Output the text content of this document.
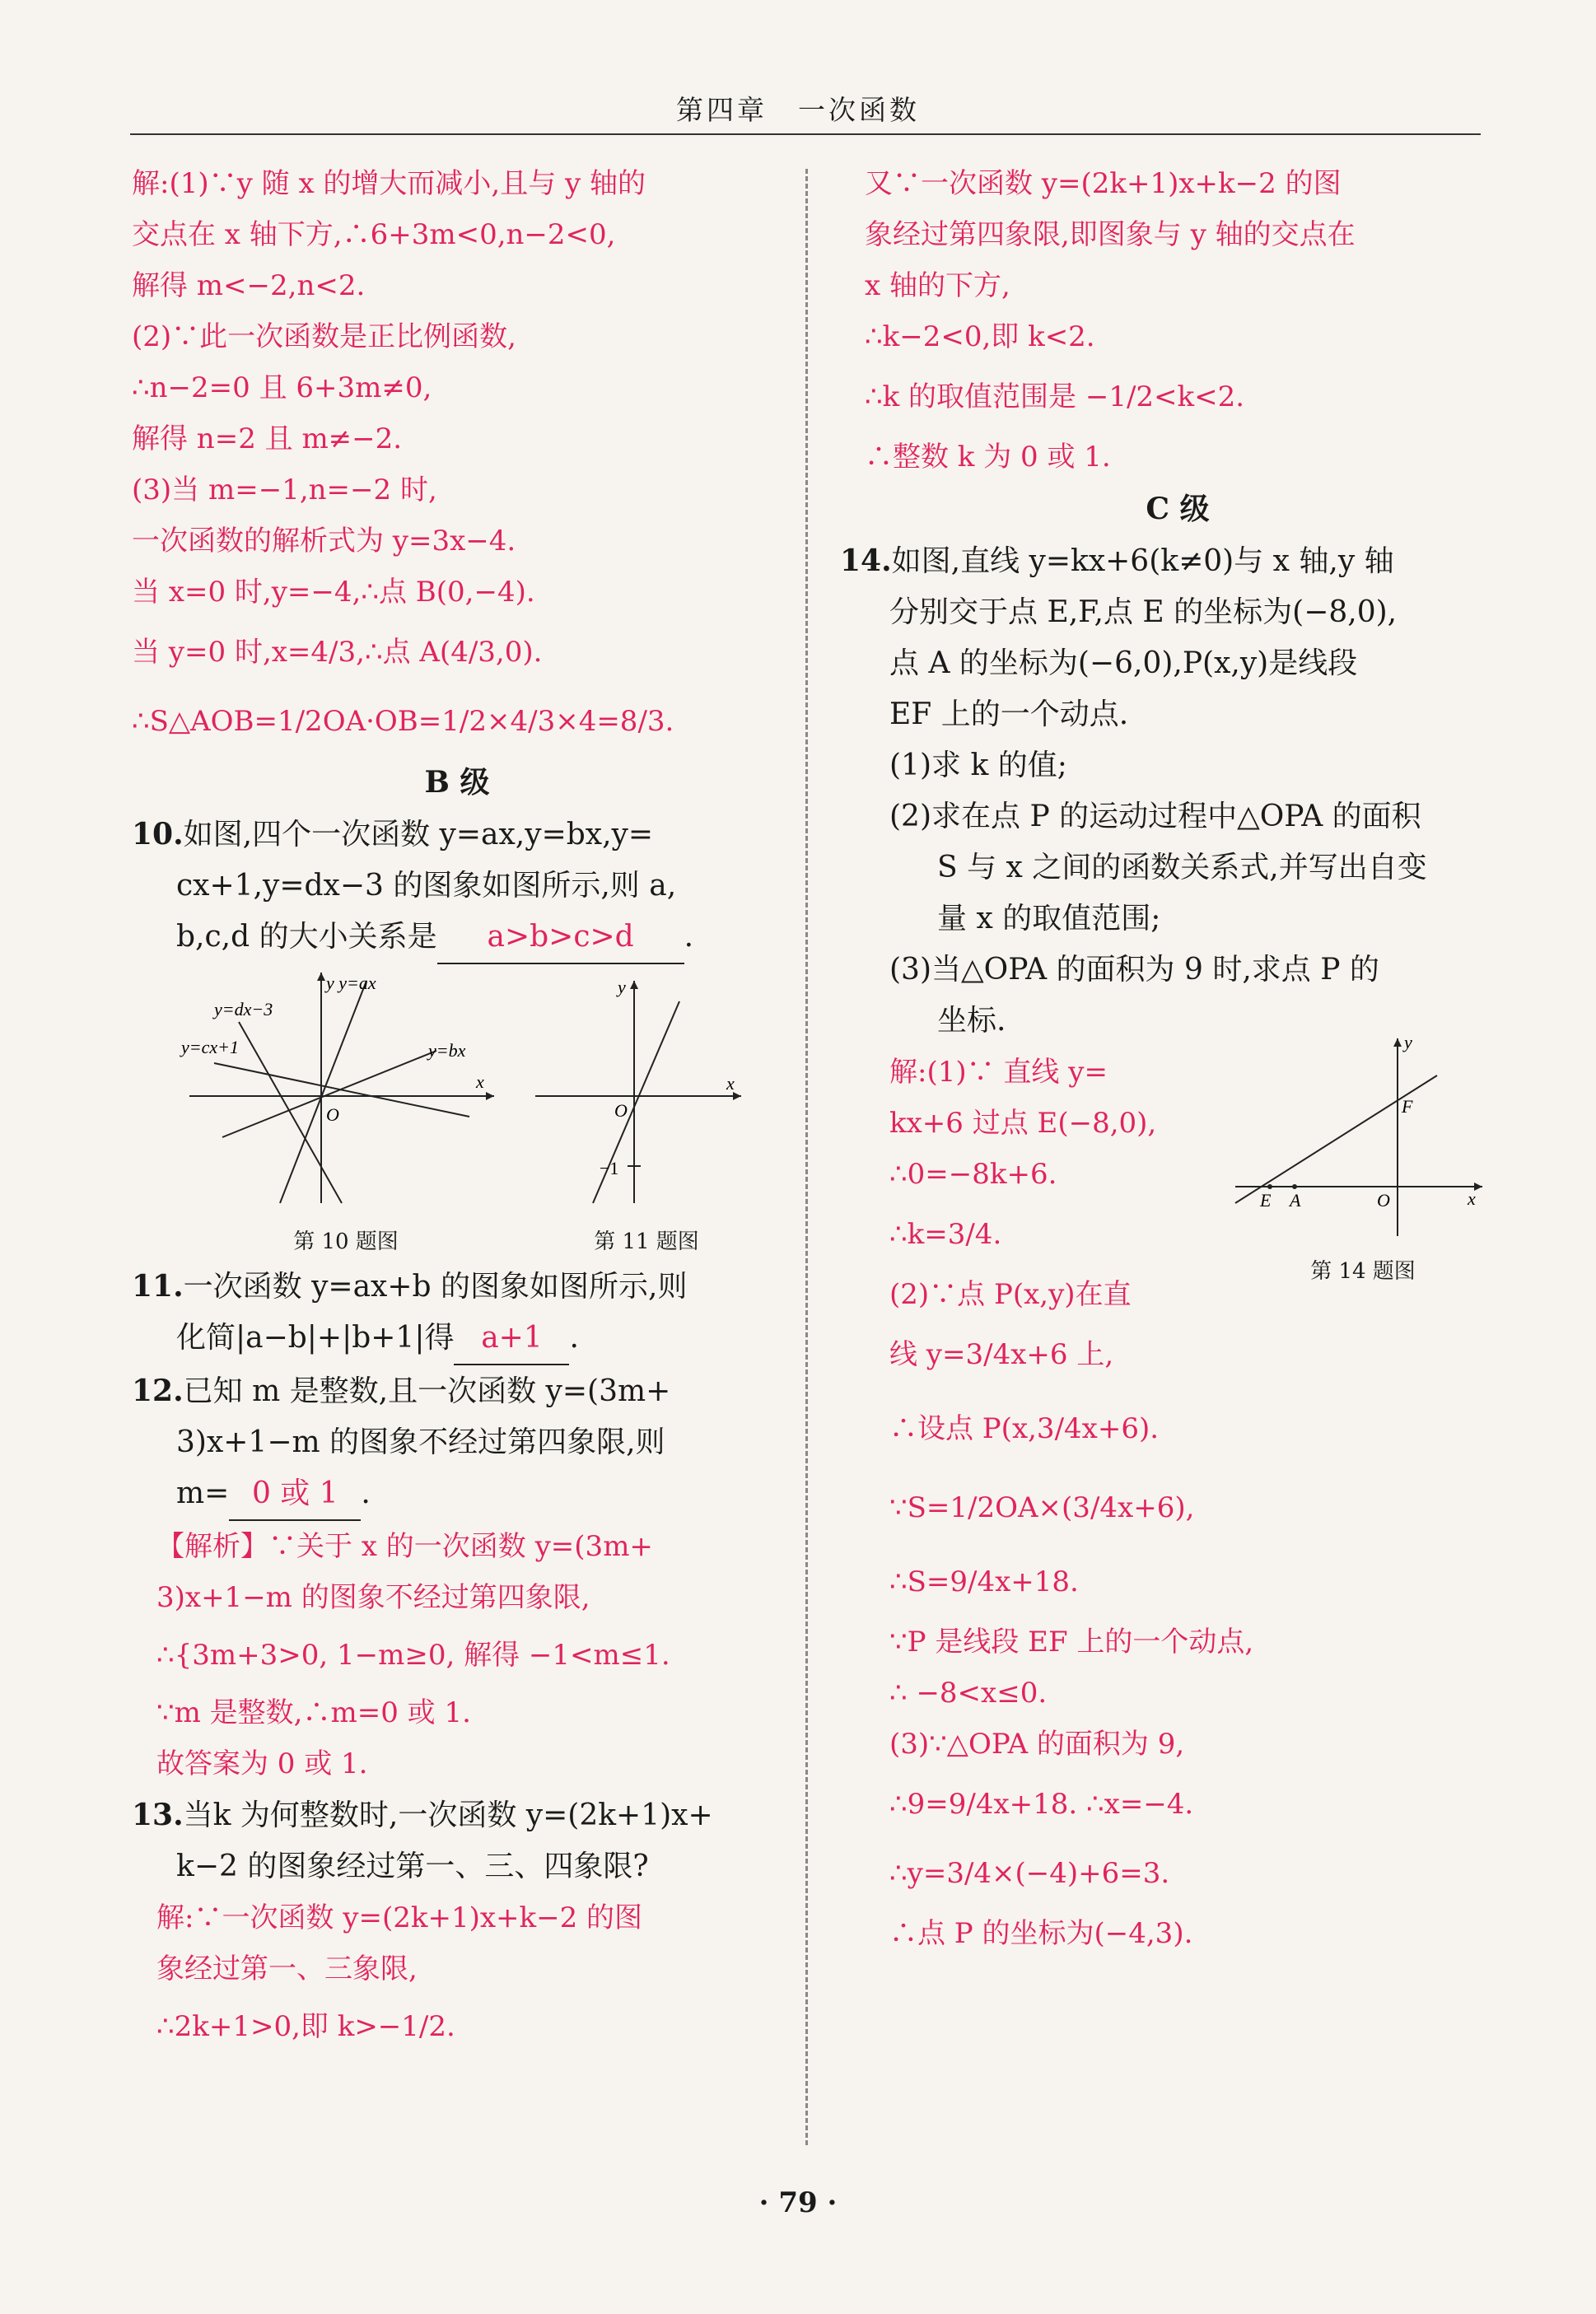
第四章　一次函数
解:(1)∵y 随 x 的增大而减小,且与 y 轴的
交点在 x 轴下方,∴6+3m<0,n−2<0,
解得 m<−2,n<2.
(2)∵此一次函数是正比例函数,
∴n−2=0 且 6+3m≠0,
解得 n=2 且 m≠−2.
(3)当 m=−1,n=−2 时,
一次函数的解析式为 y=3x−4.
当 x=0 时,y=−4,∴点 B(0,−4).
当 y=0 时,x=4/3,∴点 A(4/3,0).
∴S△AOB=1/2OA·OB=1/2×4/3×4=8/3.
B 级
10.如图,四个一次函数 y=ax,y=bx,y=
cx+1,y=dx−3 的图象如图所示,则 a,
b,c,d 的大小关系是 a>b>c>d .
y=dx−3
y=cx+1
y y=ax
y=bx
O
x
第 10 题图
y
O
x
−1
第 11 题图
11.一次函数 y=ax+b 的图象如图所示,则
化简|a−b|+|b+1|得 a+1 .
12.已知 m 是整数,且一次函数 y=(3m+
3)x+1−m 的图象不经过第四象限,则
m= 0 或 1 .
【解析】∵关于 x 的一次函数 y=(3m+
3)x+1−m 的图象不经过第四象限,
∴{3m+3>0, 1−m≥0, 解得 −1<m≤1.
∵m 是整数,∴m=0 或 1.
故答案为 0 或 1.
13.当k 为何整数时,一次函数 y=(2k+1)x+
k−2 的图象经过第一、三、四象限?
解:∵一次函数 y=(2k+1)x+k−2 的图
象经过第一、三象限,
∴2k+1>0,即 k>−1/2.
又∵一次函数 y=(2k+1)x+k−2 的图
象经过第四象限,即图象与 y 轴的交点在
x 轴的下方,
∴k−2<0,即 k<2.
∴k 的取值范围是 −1/2<k<2.
∴整数 k 为 0 或 1.
C 级
14.如图,直线 y=kx+6(k≠0)与 x 轴,y 轴
分别交于点 E,F,点 E 的坐标为(−8,0),
点 A 的坐标为(−6,0),P(x,y)是线段
EF 上的一个动点.
(1)求 k 的值;
(2)求在点 P 的运动过程中△OPA 的面积
S 与 x 之间的函数关系式,并写出自变
量 x 的取值范围;
(3)当△OPA 的面积为 9 时,求点 P 的
坐标.
解:(1)∵ 直线 y=
kx+6 过点 E(−8,0),
∴0=−8k+6.
∴k=3/4.
(2)∵点 P(x,y)在直
线 y=3/4x+6 上,
∴设点 P(x,3/4x+6).
∵S=1/2OA×(3/4x+6),
∴S=9/4x+18.
∵P 是线段 EF 上的一个动点,
∴ −8<x≤0.
(3)∵△OPA 的面积为 9,
∴9=9/4x+18. ∴x=−4.
∴y=3/4×(−4)+6=3.
∴点 P 的坐标为(−4,3).
y
F
E A	O	x
第 14 题图
· 79 ·
